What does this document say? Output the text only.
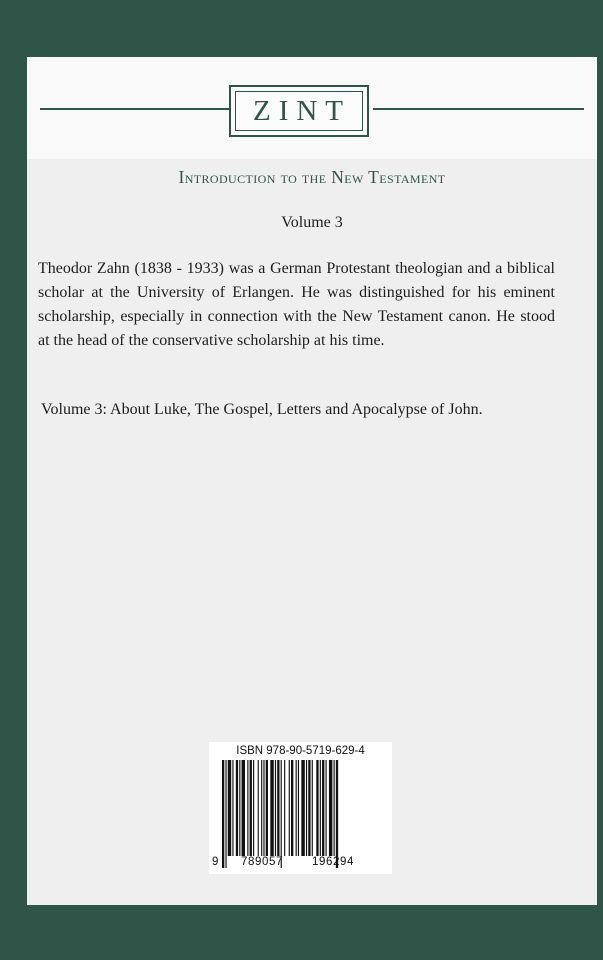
ZINT
Introduction to the New Testament
Volume 3
Theodor Zahn (1838 - 1933) was a German Protestant theologian and a biblical scholar at the University of Erlangen. He was distinguished for his eminent scholarship, especially in connection with the New Testament canon. He stood at the head of the conservative scholarship at his time.
Volume 3: About Luke, The Gospel, Letters and Apocalypse of John.
ISBN 978-90-5719-629-4
9 789057	196294
